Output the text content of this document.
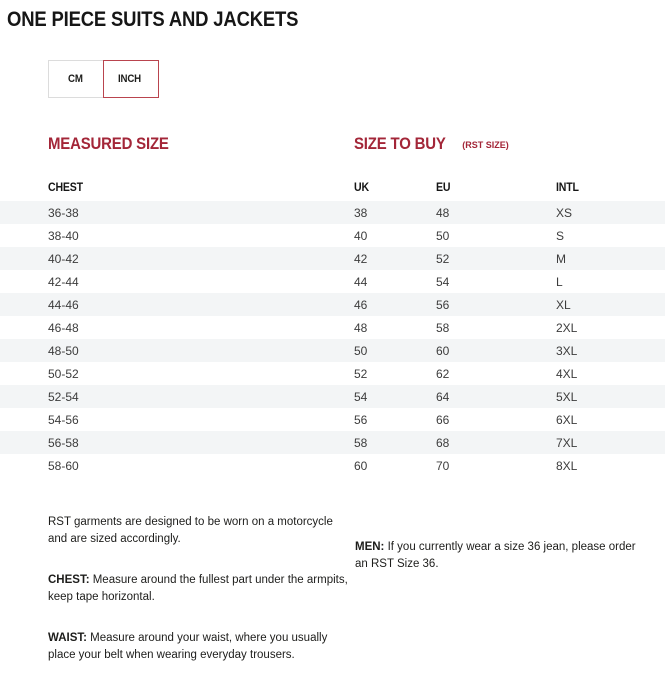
ONE PIECE SUITS AND JACKETS
CM	INCH
MEASURED SIZE	SIZE TO BUY (RST SIZE)
CHEST	UK	EU	INTL
36-38	38	48	XS
38-40	40	50	S
40-42	42	52	M
42-44	44	54	L
44-46	46	56	XL
46-48	48	58	2XL
48-50	50	60	3XL
50-52	52	62	4XL
52-54	54	64	5XL
54-56	56	66	6XL
56-58	58	68	7XL
58-60	60	70	8XL

RST garments are designed to be worn on a motorcycle and are sized accordingly.

CHEST: Measure around the fullest part under the armpits, keep tape horizontal.

WAIST: Measure around your waist, where you usually place your belt when wearing everyday trousers.

MEN: If you currently wear a size 36 jean, please order an RST Size 36.
